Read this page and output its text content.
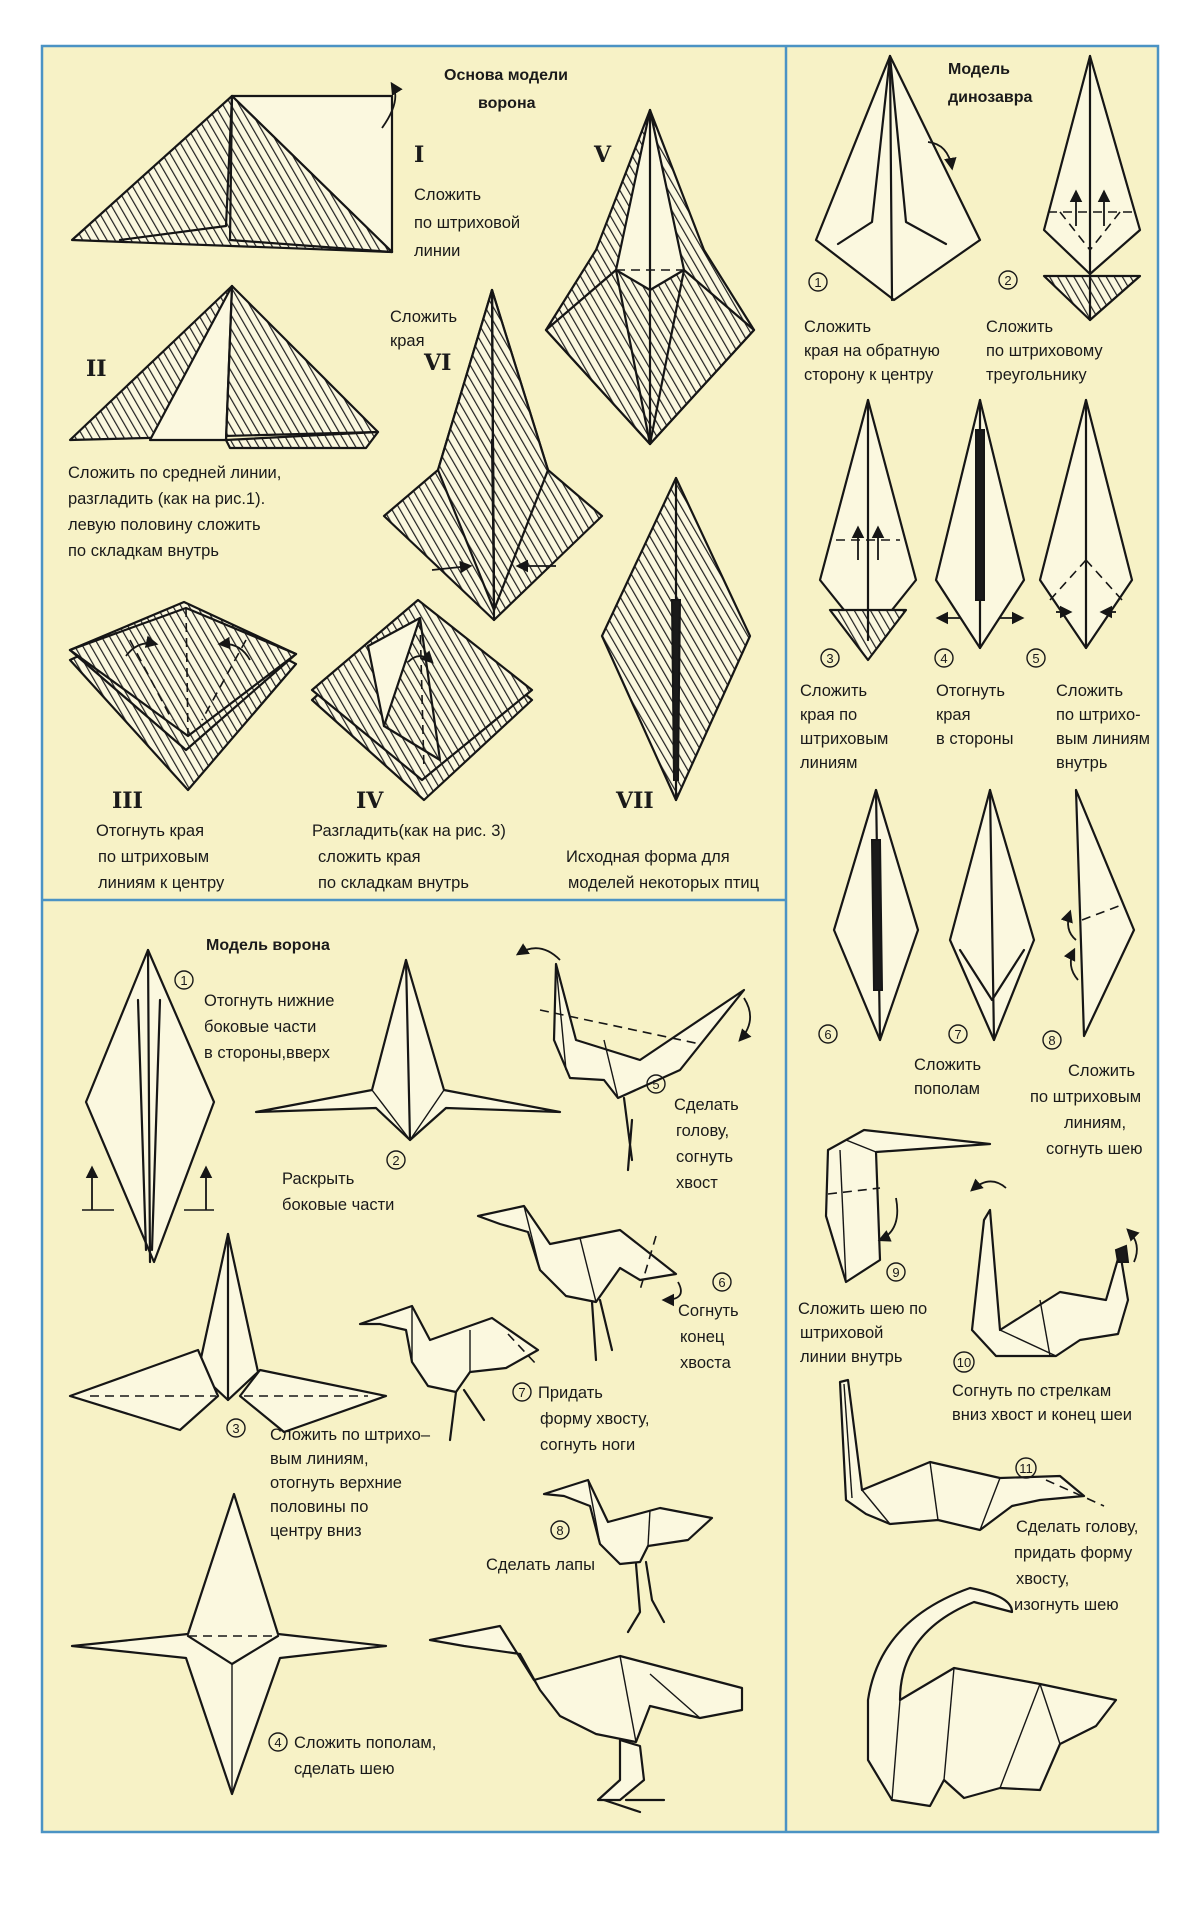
Основа модели ворона
I
Сложить по штриховой линии
II
Сложить по средней линии, разгладить (как на рис.1). левую половину сложить по складкам внутрь
III
Отогнуть края по штриховым линиям к центру
IV
Разгладить(как на рис. 3) сложить края по складкам внутрь
V
Сложить края
VI
VII
Исходная форма для моделей некоторых птиц
Модель ворона
1
Отогнуть нижние боковые части в стороны,вверх
2
Раскрыть боковые части
3 Сложить по штрихо– вым линиям, отогнуть верхние половины по центру вниз
4 Сложить пополам, сделать шею
5
Сделать голову, согнуть хвост
6
Согнуть конец хвоста
7 Придать форму хвосту, согнуть ноги
8
Сделать лапы
Модель динозавра
1
Сложить края на обратную сторону к центру
2
Сложить по штриховому треугольнику
3
Сложить края по штриховым линиям
4
Отогнуть края в стороны
5
Сложить по штрихо- вым линиям внутрь
6	7
Сложить пополам
8
Сложить по штриховым линиям, согнуть шею
9
Сложить шею по штриховой линии внутрь	10
Согнуть по стрелкам вниз хвост и конец шеи
11
Сделать голову, придать форму хвосту, изогнуть шею
